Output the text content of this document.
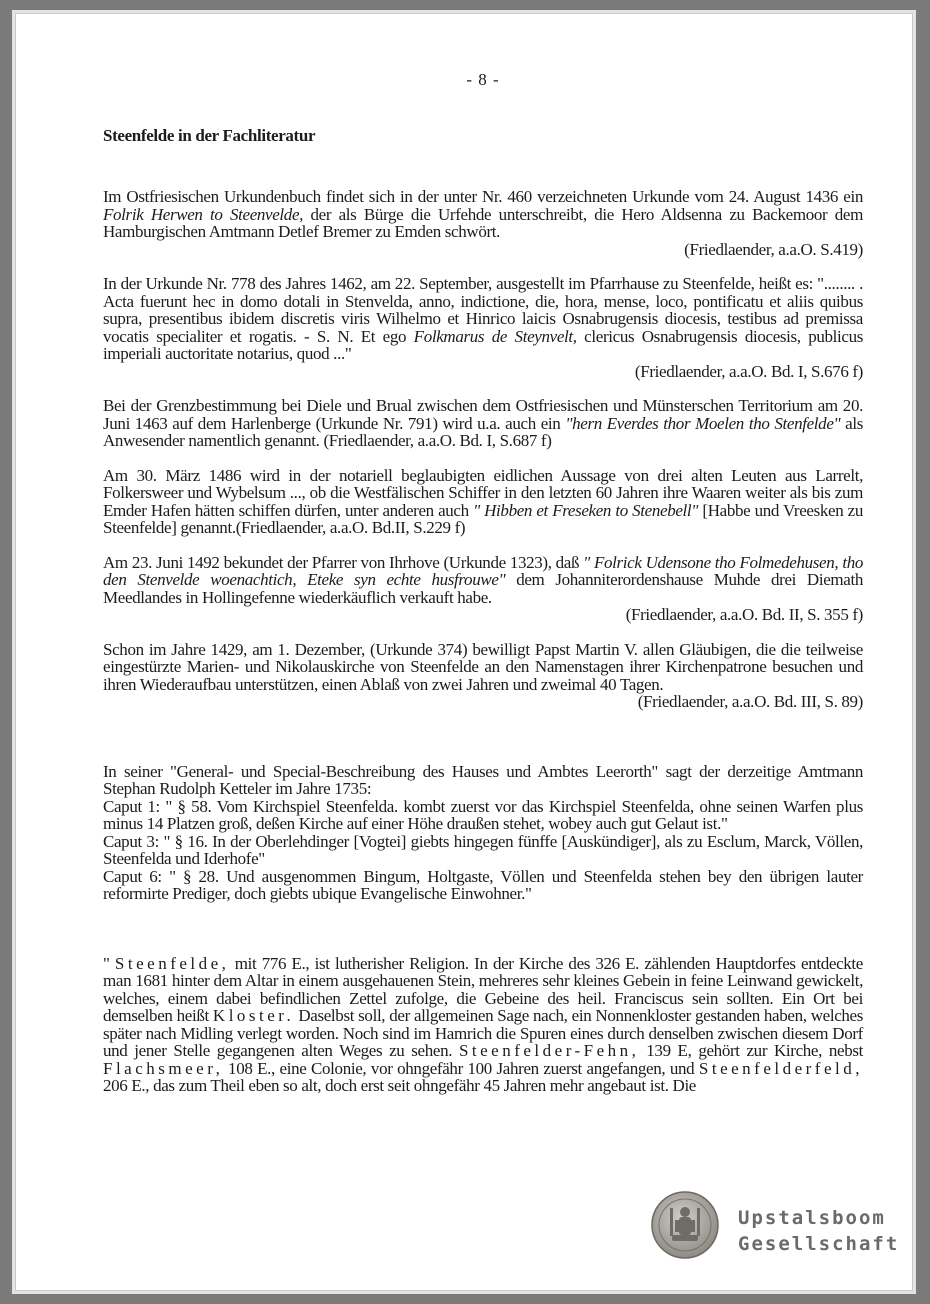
- 8 -
Steenfelde in der Fachliteratur

Im Ostfriesischen Urkundenbuch findet sich in der unter Nr. 460 verzeichneten Urkunde vom 24. August 1436 ein Folrik Herwen to Steenvelde, der als Bürge die Urfehde unterschreibt, die Hero Aldsenna zu Backemoor dem Hamburgischen Amtmann Detlef Bremer zu Emden schwört.

(Friedlaender, a.a.O. S.419)

In der Urkunde Nr. 778 des Jahres 1462, am 22. September, ausgestellt im Pfarrhause zu Steenfelde, heißt es: "........ . Acta fuerunt hec in domo dotali in Stenvelda, anno, indictione, die, hora, mense, loco, pontificatu et aliis quibus supra, presentibus ibidem discretis viris Wilhelmo et Hinrico laicis Osnabrugensis diocesis, testibus ad premissa vocatis specialiter et rogatis. - S. N. Et ego Folkmarus de Steynvelt, clericus Osnabrugensis diocesis, publicus imperiali auctoritate notarius, quod ..."

(Friedlaender, a.a.O. Bd. I, S.676 f)

Bei der Grenzbestimmung bei Diele und Brual zwischen dem Ostfriesischen und Münsterschen Territorium am 20. Juni 1463 auf dem Harlenberge (Urkunde Nr. 791) wird u.a. auch ein "hern Everdes thor Moelen tho Stenfelde" als Anwesender namentlich genannt. (Friedlaender, a.a.O. Bd. I, S.687 f)

Am 30. März 1486 wird in der notariell beglaubigten eidlichen Aussage von drei alten Leuten aus Larrelt, Folkersweer und Wybelsum ..., ob die Westfälischen Schiffer in den letzten 60 Jahren ihre Waaren weiter als bis zum Emder Hafen hätten schiffen dürfen, unter anderen auch " Hibben et Freseken to Stenebell" [Habbe und Vreesken zu Steenfelde] genannt.(Friedlaender, a.a.O. Bd.II, S.229 f)

Am 23. Juni 1492 bekundet der Pfarrer von Ihrhove (Urkunde 1323), daß " Folrick Udensone tho Folmedehusen, tho den Stenvelde woenachtich, Eteke syn echte husfrouwe" dem Johanniterordenshause Muhde drei Diemath Meedlandes in Hollingefenne wiederkäuflich verkauft habe.

(Friedlaender, a.a.O. Bd. II, S. 355 f)

Schon im Jahre 1429, am 1. Dezember, (Urkunde 374) bewilligt Papst Martin V. allen Gläubigen, die die teilweise eingestürzte Marien- und Nikolauskirche von Steenfelde an den Namenstagen ihrer Kirchenpatrone besuchen und ihren Wiederaufbau unterstützen, einen Ablaß von zwei Jahren und zweimal 40 Tagen.

(Friedlaender, a.a.O. Bd. III, S. 89)

In seiner "General- und Special-Beschreibung des Hauses und Ambtes Leerorth" sagt der derzeitige Amtmann Stephan Rudolph Ketteler im Jahre 1735:

Caput 1: " § 58. Vom Kirchspiel Steenfelda. kombt zuerst vor das Kirchspiel Steenfelda, ohne seinen Warfen plus minus 14 Platzen groß, deßen Kirche auf einer Höhe draußen stehet, wobey auch gut Gelaut ist."

Caput 3: " § 16. In der Oberlehdinger [Vogtei] giebts hingegen fünffe [Auskündiger], als zu Esclum, Marck, Völlen, Steenfelda und Iderhofe"

Caput 6: " § 28. Und ausgenommen Bingum, Holtgaste, Völlen und Steenfelda stehen bey den übrigen lauter reformirte Prediger, doch giebts ubique Evangelische Einwohner."

" Steenfelde, mit 776 E., ist lutherisher Religion. In der Kirche des 326 E. zählenden Hauptdorfes entdeckte man 1681 hinter dem Altar in einem ausgehauenen Stein, mehreres sehr kleines Gebein in feine Leinwand gewickelt, welches, einem dabei befindlichen Zettel zufolge, die Gebeine des heil. Franciscus sein sollten. Ein Ort bei demselben heißt Kloster. Daselbst soll, der allgemeinen Sage nach, ein Nonnenkloster gestanden haben, welches später nach Midling verlegt worden. Noch sind im Hamrich die Spuren eines durch denselben zwischen diesem Dorf und jener Stelle gegangenen alten Weges zu sehen. Steenfelder-Fehn, 139 E, gehört zur Kirche, nebst Flachsmeer, 108 E., eine Colonie, vor ohngefähr 100 Jahren zuerst angefangen, und Steenfelderfeld, 206 E., das zum Theil eben so alt, doch erst seit ohngefähr 45 Jahren mehr angebaut ist. Die

Upstalsboom
Gesellschaft
